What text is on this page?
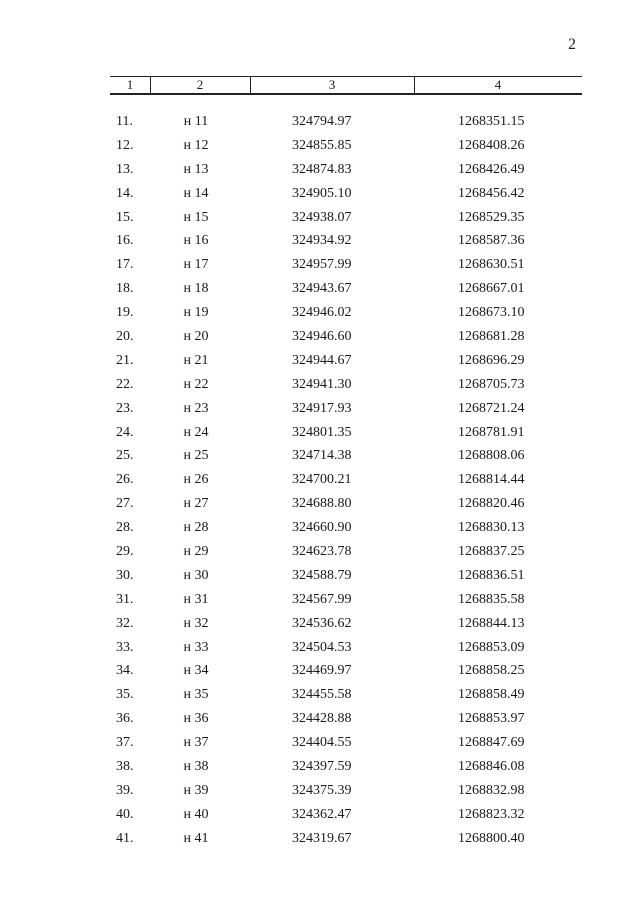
2
1	2	3	4
11.	н 11	324794.97	1268351.15
12.	н 12	324855.85	1268408.26
13.	н 13	324874.83	1268426.49
14.	н 14	324905.10	1268456.42
15.	н 15	324938.07	1268529.35
16.	н 16	324934.92	1268587.36
17.	н 17	324957.99	1268630.51
18.	н 18	324943.67	1268667.01
19.	н 19	324946.02	1268673.10
20.	н 20	324946.60	1268681.28
21.	н 21	324944.67	1268696.29
22.	н 22	324941.30	1268705.73
23.	н 23	324917.93	1268721.24
24.	н 24	324801.35	1268781.91
25.	н 25	324714.38	1268808.06
26.	н 26	324700.21	1268814.44
27.	н 27	324688.80	1268820.46
28.	н 28	324660.90	1268830.13
29.	н 29	324623.78	1268837.25
30.	н 30	324588.79	1268836.51
31.	н 31	324567.99	1268835.58
32.	н 32	324536.62	1268844.13
33.	н 33	324504.53	1268853.09
34.	н 34	324469.97	1268858.25
35.	н 35	324455.58	1268858.49
36.	н 36	324428.88	1268853.97
37.	н 37	324404.55	1268847.69
38.	н 38	324397.59	1268846.08
39.	н 39	324375.39	1268832.98
40.	н 40	324362.47	1268823.32
41.	н 41	324319.67	1268800.40
